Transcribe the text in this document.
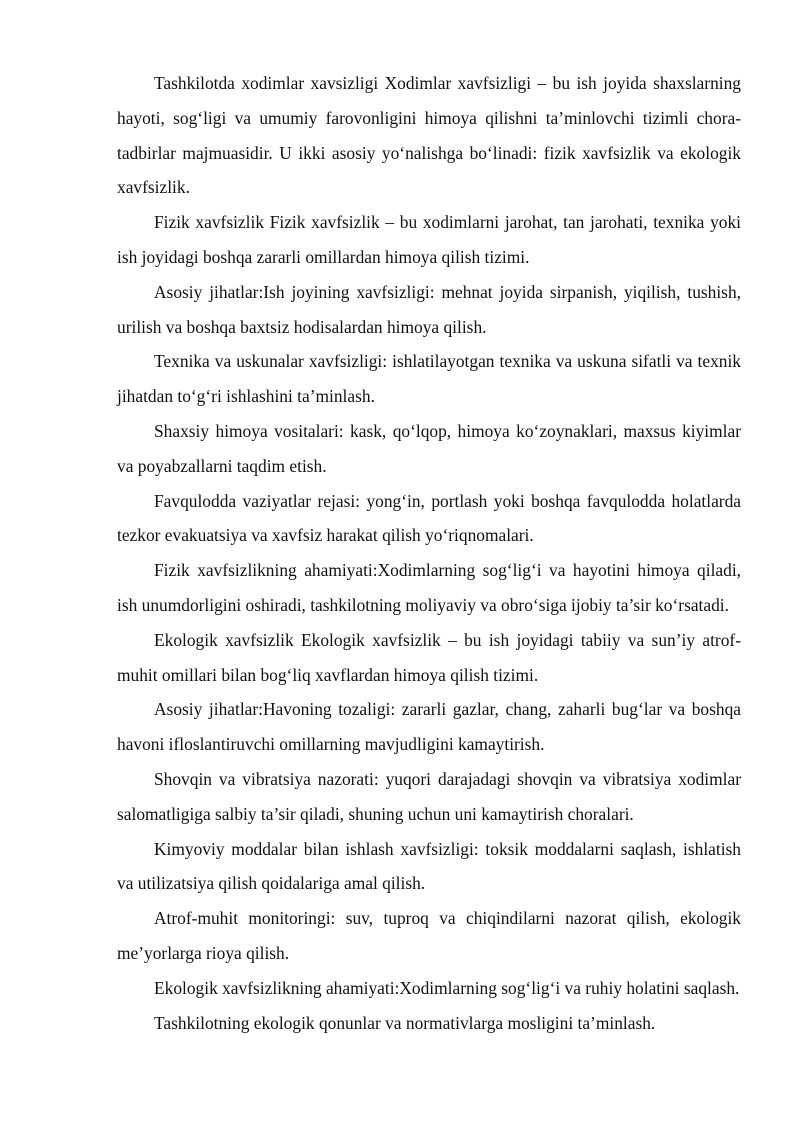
Tashkilotda xodimlar xavsizligi Xodimlar xavfsizligi – bu ish joyida shaxslarning hayoti, sog‘ligi va umumiy farovonligini himoya qilishni ta’minlovchi tizimli chora-tadbirlar majmuasidir. U ikki asosiy yo‘nalishga bo‘linadi: fizik xavfsizlik va ekologik xavfsizlik.

Fizik xavfsizlik Fizik xavfsizlik – bu xodimlarni jarohat, tan jarohati, texnika yoki ish joyidagi boshqa zararli omillardan himoya qilish tizimi.

Asosiy jihatlar:Ish joyining xavfsizligi: mehnat joyida sirpanish, yiqilish, tushish, urilish va boshqa baxtsiz hodisalardan himoya qilish.

Texnika va uskunalar xavfsizligi: ishlatilayotgan texnika va uskuna sifatli va texnik jihatdan to‘g‘ri ishlashini ta’minlash.

Shaxsiy himoya vositalari: kask, qo‘lqop, himoya ko‘zoynaklari, maxsus kiyimlar va poyabzallarni taqdim etish.

Favqulodda vaziyatlar rejasi: yong‘in, portlash yoki boshqa favqulodda holatlarda tezkor evakuatsiya va xavfsiz harakat qilish yo‘riqnomalari.

Fizik xavfsizlikning ahamiyati:Xodimlarning sog‘lig‘i va hayotini himoya qiladi, ish unumdorligini oshiradi, tashkilotning moliyaviy va obro‘siga ijobiy ta’sir ko‘rsatadi.

Ekologik xavfsizlik Ekologik xavfsizlik – bu ish joyidagi tabiiy va sun’iy atrof-muhit omillari bilan bog‘liq xavflardan himoya qilish tizimi.

Asosiy jihatlar:Havoning tozaligi: zararli gazlar, chang, zaharli bug‘lar va boshqa havoni ifloslantiruvchi omillarning mavjudligini kamaytirish.

Shovqin va vibratsiya nazorati: yuqori darajadagi shovqin va vibratsiya xodimlar salomatligiga salbiy ta’sir qiladi, shuning uchun uni kamaytirish choralari.

Kimyoviy moddalar bilan ishlash xavfsizligi: toksik moddalarni saqlash, ishlatish va utilizatsiya qilish qoidalariga amal qilish.

Atrof-muhit monitoringi: suv, tuproq va chiqindilarni nazorat qilish, ekologik me’yorlarga rioya qilish.

Ekologik xavfsizlikning ahamiyati:Xodimlarning sog‘lig‘i va ruhiy holatini saqlash.

Tashkilotning ekologik qonunlar va normativlarga mosligini ta’minlash.
